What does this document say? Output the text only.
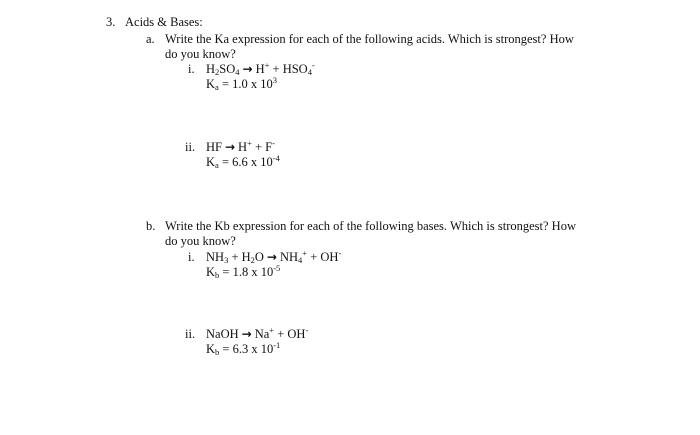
3. Acids & Bases:
a. Write the Ka expression for each of the following acids. Which is strongest? How
do you know?
i. H2SO4 → H+ + HSO4-
Ka = 1.0 x $10^3$
ii. HF → H+ + F-
Ka = 6.6 x $10^{-4}$
b. Write the Kb expression for each of the following bases. Which is strongest? How
do you know?
i. NH3 + H2O → NH4+ + OH-
Kb = 1.8 x $10^{-5}$
ii. NaOH → Na+ + OH-
Kb = 6.3 x $10^{-1}$
